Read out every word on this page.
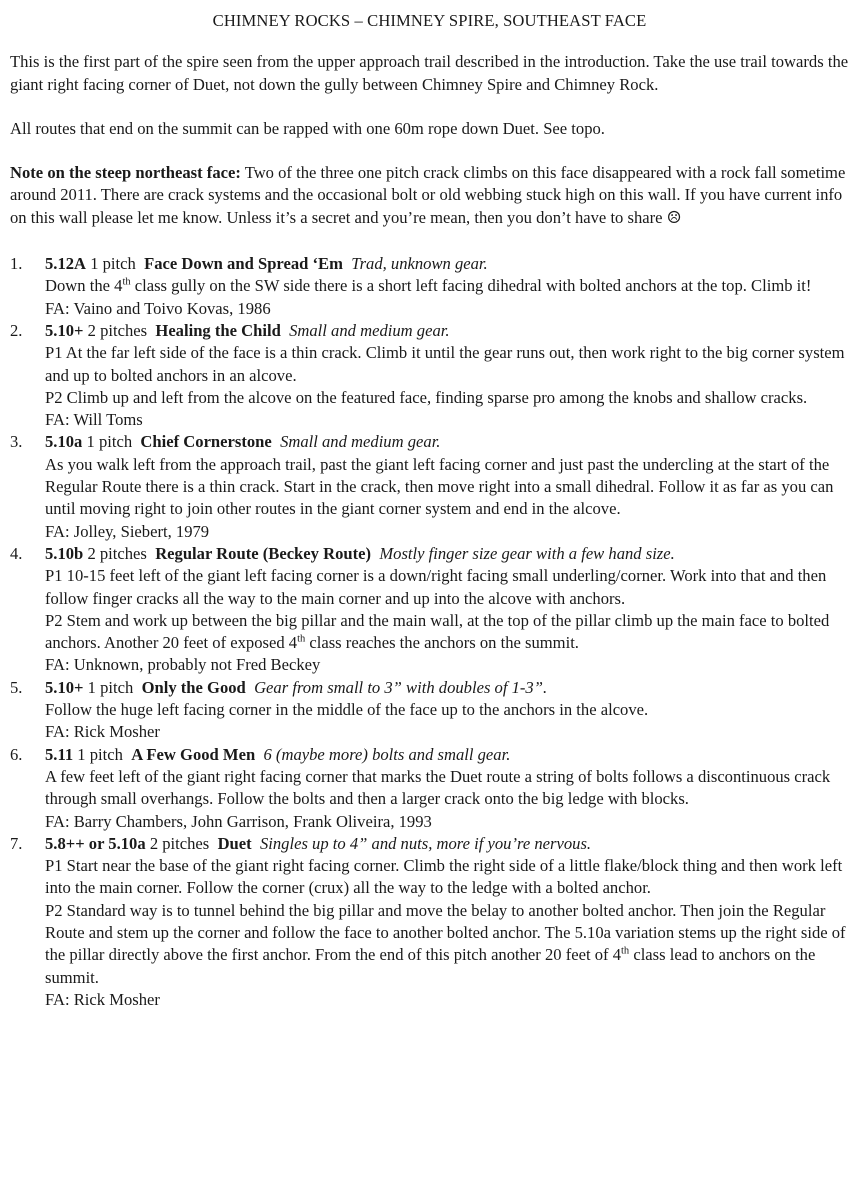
CHIMNEY ROCKS – CHIMNEY SPIRE, SOUTHEAST FACE
This is the first part of the spire seen from the upper approach trail described in the introduction. Take the use trail towards the giant right facing corner of Duet, not down the gully between Chimney Spire and Chimney Rock.
All routes that end on the summit can be rapped with one 60m rope down Duet. See topo.
Note on the steep northeast face: Two of the three one pitch crack climbs on this face disappeared with a rock fall sometime around 2011. There are crack systems and the occasional bolt or old webbing stuck high on this wall. If you have current info on this wall please let me know. Unless it’s a secret and you’re mean, then you don’t have to share ☹
1. 5.12A 1 pitch Face Down and Spread ‘Em Trad, unknown gear.
Down the 4th class gully on the SW side there is a short left facing dihedral with bolted anchors at the top. Climb it!
FA: Vaino and Toivo Kovas, 1986
2. 5.10+ 2 pitches Healing the Child Small and medium gear.
P1 At the far left side of the face is a thin crack. Climb it until the gear runs out, then work right to the big corner system and up to bolted anchors in an alcove.
P2 Climb up and left from the alcove on the featured face, finding sparse pro among the knobs and shallow cracks.
FA: Will Toms
3. 5.10a 1 pitch Chief Cornerstone Small and medium gear.
As you walk left from the approach trail, past the giant left facing corner and just past the undercling at the start of the Regular Route there is a thin crack. Start in the crack, then move right into a small dihedral. Follow it as far as you can until moving right to join other routes in the giant corner system and end in the alcove.
FA: Jolley, Siebert, 1979
4. 5.10b 2 pitches Regular Route (Beckey Route) Mostly finger size gear with a few hand size.
P1 10-15 feet left of the giant left facing corner is a down/right facing small underling/corner. Work into that and then follow finger cracks all the way to the main corner and up into the alcove with anchors.
P2 Stem and work up between the big pillar and the main wall, at the top of the pillar climb up the main face to bolted anchors. Another 20 feet of exposed 4th class reaches the anchors on the summit.
FA: Unknown, probably not Fred Beckey
5. 5.10+ 1 pitch Only the Good Gear from small to 3” with doubles of 1-3”.
Follow the huge left facing corner in the middle of the face up to the anchors in the alcove.
FA: Rick Mosher
6. 5.11 1 pitch A Few Good Men 6 (maybe more) bolts and small gear.
A few feet left of the giant right facing corner that marks the Duet route a string of bolts follows a discontinuous crack through small overhangs. Follow the bolts and then a larger crack onto the big ledge with blocks.
FA: Barry Chambers, John Garrison, Frank Oliveira, 1993
7. 5.8++ or 5.10a 2 pitches Duet Singles up to 4” and nuts, more if you’re nervous.
P1 Start near the base of the giant right facing corner. Climb the right side of a little flake/block thing and then work left into the main corner. Follow the corner (crux) all the way to the ledge with a bolted anchor.
P2 Standard way is to tunnel behind the big pillar and move the belay to another bolted anchor. Then join the Regular Route and stem up the corner and follow the face to another bolted anchor. The 5.10a variation stems up the right side of the pillar directly above the first anchor. From the end of this pitch another 20 feet of 4th class lead to anchors on the summit.
FA: Rick Mosher
